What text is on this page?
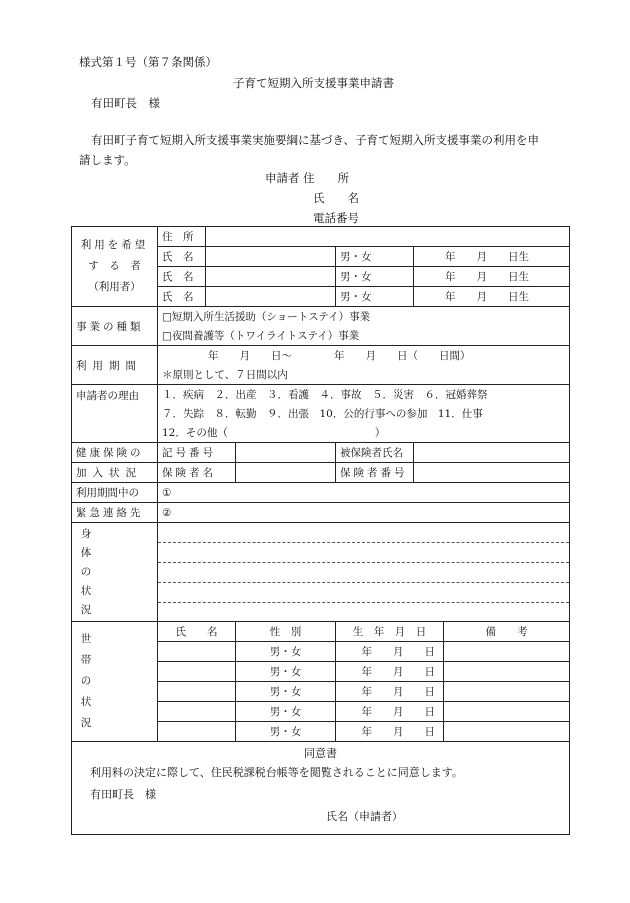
様式第１号（第７条関係）
子育て短期入所支援事業申請書
有田町長　様
有田町子育て短期入所支援事業実施要綱に基づき、子育て短期入所支援事業の利用を申
請します。
申請者 住　　所
氏　　名
電話番号
利用を希望
す　る　者
（利用者）	住　所					
	氏　名			男・女	年　　月　　日生	
	氏　名			男・女	年　　月　　日生	
	氏　名			男・女	年　　月　　日生	
事業の種類	□短期入所生活援助（ショートステイ）事業					
	□夜間養護等（トワイライトステイ）事業					
利用期間	年　　月　　日〜　　　　年　　月　　日（　　日間）					
	＊原則として、７日間以内					
申請者の理由	１．疾病　２．出産　３．看護　４．事故　５．災害　６．冠婚葬祭					
	７．失踪　８．転勤　９．出張　10．公的行事への参加　11．仕事					
	12．その他（　　　　　　　　　　　　　　）					
健康保険の	記号番号			被保険者氏名		
加入状況	保険者名			保険者番号		
利用期間中の	①					
緊急連絡先	②					

身
体
の
状
況						

世
帯
の
状
況	氏　　名		性　別	生　年　月　日		備　　考
			男・女	年　　月　　日		
			男・女	年　　月　　日		
			男・女	年　　月　　日		
			男・女	年　　月　　日		
			男・女	年　　月　　日		

同意書
利用料の決定に際して、住民税課税台帳等を閲覧されることに同意します。
有田町長　様
氏名（申請者）						
